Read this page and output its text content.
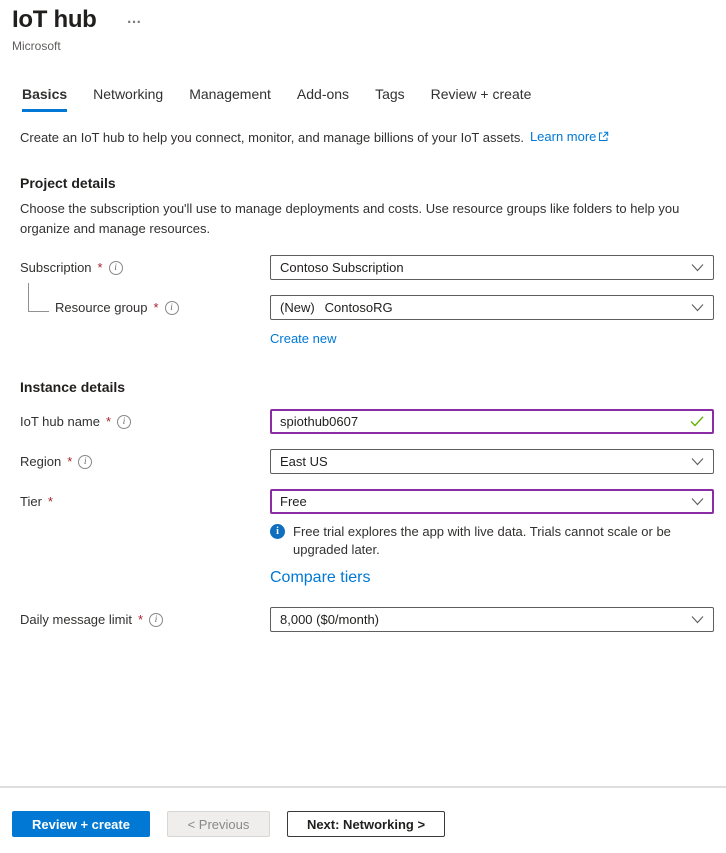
IoT hub …
Microsoft
Basics Networking Management Add-ons Tags Review + create
Create an IoT hub to help you connect, monitor, and manage billions of your IoT assets. Learn more
Project details
Choose the subscription you'll use to manage deployments and costs. Use resource groups like folders to help you organize and manage resources.
Subscription *	i	Contoso Subscription
Resource group *	i	(New) ContosoRG
Create new
Instance details
IoT hub name *	i	spiothub0607
Region *	i	East US
Tier *	Free
i	Free trial explores the app with live data. Trials cannot scale or be upgraded later.
Compare tiers
Daily message limit *	i	8,000 ($0/month)
Review + create	< Previous	Next: Networking >
